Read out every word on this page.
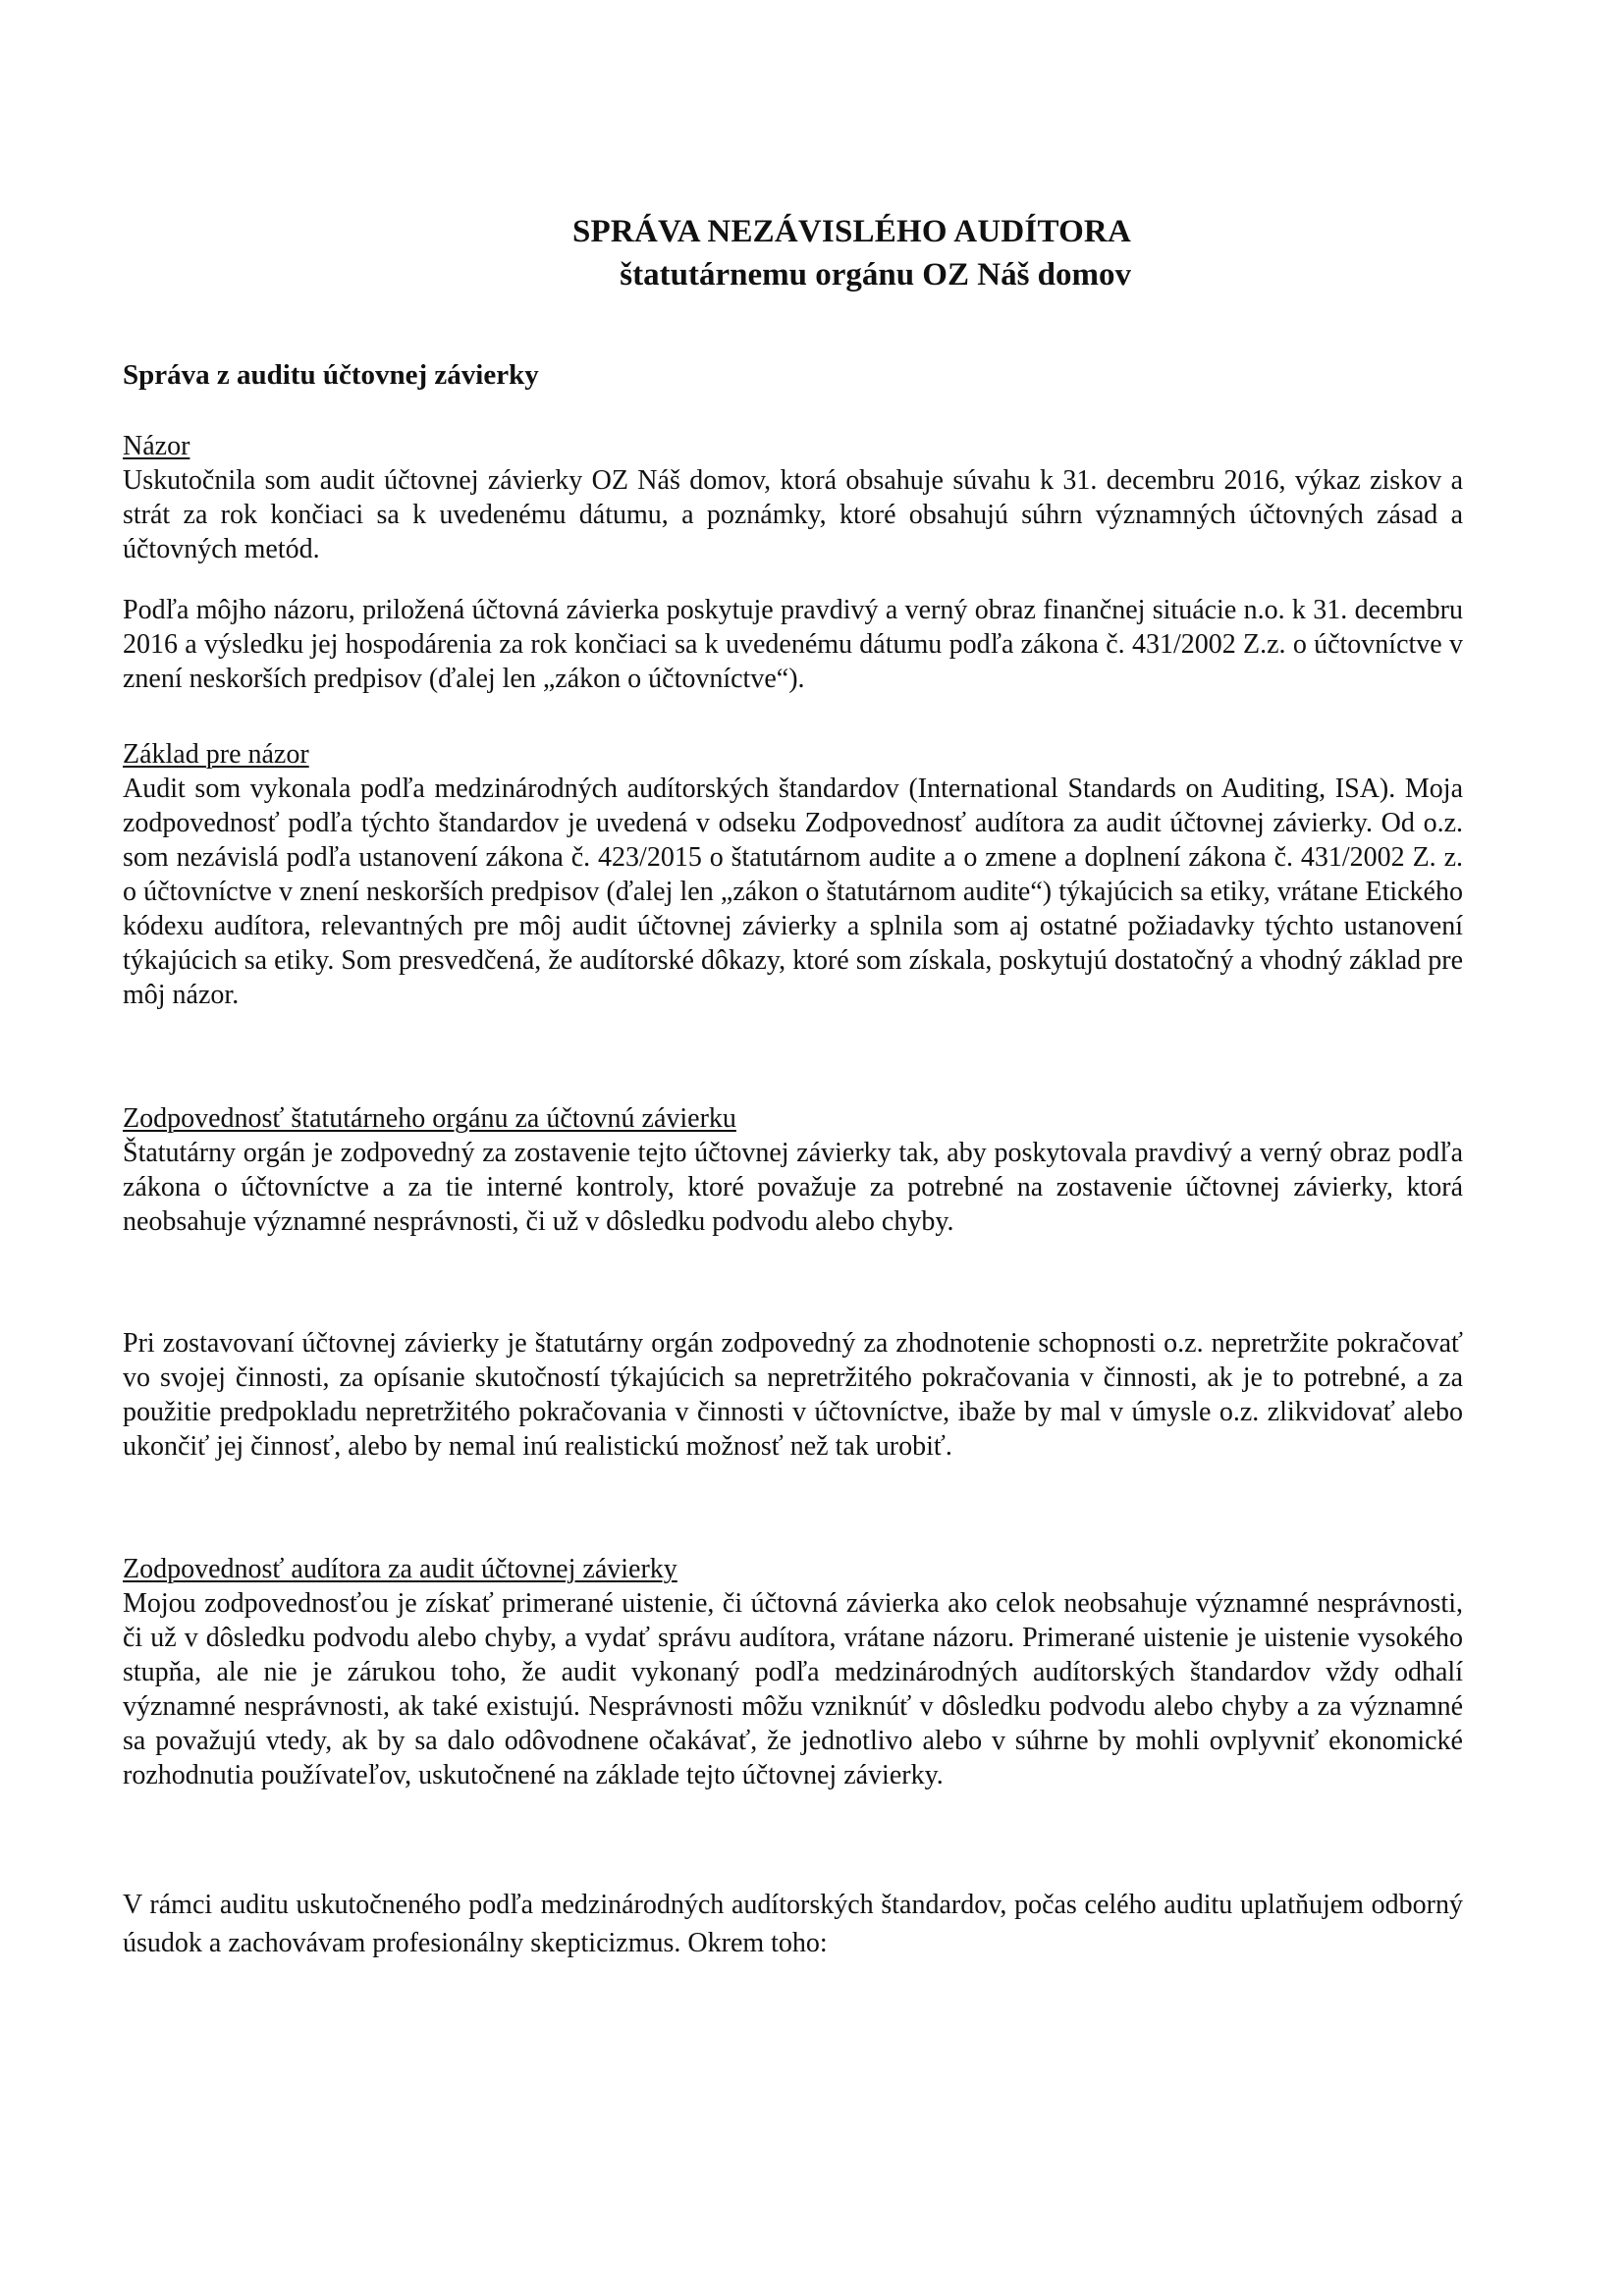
SPRÁVA NEZÁVISLÉHO AUDÍTORA
štatutárnemu orgánu OZ Náš domov
Správa z auditu účtovnej závierky

Názor

Uskutočnila som audit účtovnej závierky OZ Náš domov, ktorá obsahuje súvahu k 31. decembru 2016, výkaz ziskov a strát za rok končiaci sa k uvedenému dátumu, a poznámky, ktoré obsahujú súhrn významných účtovných zásad a účtovných metód.

Podľa môjho názoru, priložená účtovná závierka poskytuje pravdivý a verný obraz finančnej situácie n.o. k 31. decembru 2016 a výsledku jej hospodárenia za rok končiaci sa k uvedenému dátumu podľa zákona č. 431/2002 Z.z. o účtovníctve v znení neskorších predpisov (ďalej len „zákon o účtovníctve“).

Základ pre názor

Audit som vykonala podľa medzinárodných audítorských štandardov (International Standards on Auditing, ISA). Moja zodpovednosť podľa týchto štandardov je uvedená v odseku Zodpovednosť audítora za audit účtovnej závierky. Od o.z. som nezávislá podľa ustanovení zákona č. 423/2015 o štatutárnom audite a o zmene a doplnení zákona č. 431/2002 Z. z. o účtovníctve v znení neskorších predpisov (ďalej len „zákon o štatutárnom audite“) týkajúcich sa etiky, vrátane Etického kódexu audítora, relevantných pre môj audit účtovnej závierky a splnila som aj ostatné požiadavky týchto ustanovení týkajúcich sa etiky. Som presvedčená, že audítorské dôkazy, ktoré som získala, poskytujú dostatočný a vhodný základ pre môj názor.

Zodpovednosť štatutárneho orgánu za účtovnú závierku

Štatutárny orgán je zodpovedný za zostavenie tejto účtovnej závierky tak, aby poskytovala pravdivý a verný obraz podľa zákona o účtovníctve a za tie interné kontroly, ktoré považuje za potrebné na zostavenie účtovnej závierky, ktorá neobsahuje významné nesprávnosti, či už v dôsledku podvodu alebo chyby.

Pri zostavovaní účtovnej závierky je štatutárny orgán zodpovedný za zhodnotenie schopnosti o.z. nepretržite pokračovať vo svojej činnosti, za opísanie skutočností týkajúcich sa nepretržitého pokračovania v činnosti, ak je to potrebné, a za použitie predpokladu nepretržitého pokračovania v činnosti v účtovníctve, ibaže by mal v úmysle o.z. zlikvidovať alebo ukončiť jej činnosť, alebo by nemal inú realistickú možnosť než tak urobiť.

Zodpovednosť audítora za audit účtovnej závierky

Mojou zodpovednosťou je získať primerané uistenie, či účtovná závierka ako celok neobsahuje významné nesprávnosti, či už v dôsledku podvodu alebo chyby, a vydať správu audítora, vrátane názoru. Primerané uistenie je uistenie vysokého stupňa, ale nie je zárukou toho, že audit vykonaný podľa medzinárodných audítorských štandardov vždy odhalí významné nesprávnosti, ak také existujú. Nesprávnosti môžu vzniknúť v dôsledku podvodu alebo chyby a za významné sa považujú vtedy, ak by sa dalo odôvodnene očakávať, že jednotlivo alebo v súhrne by mohli ovplyvniť ekonomické rozhodnutia používateľov, uskutočnené na základe tejto účtovnej závierky.

V rámci auditu uskutočneného podľa medzinárodných audítorských štandardov, počas celého auditu uplatňujem odborný úsudok a zachovávam profesionálny skepticizmus. Okrem toho:
